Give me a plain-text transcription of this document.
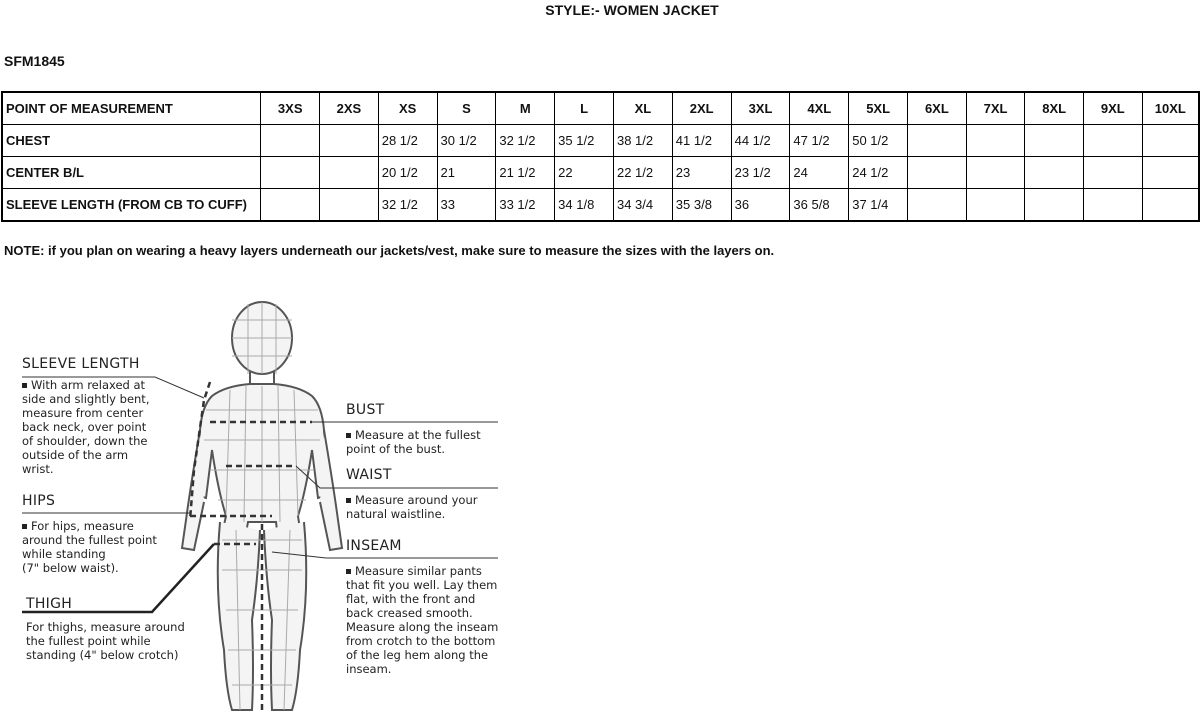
STYLE:- WOMEN JACKET
SFM1845
POINT OF MEASUREMENT	3XS	2XS	XS	S	M	L	XL	2XL	3XL	4XL	5XL	6XL	7XL	8XL	9XL	10XL
CHEST			28 1/2	30 1/2	32 1/2	35 1/2	38 1/2	41 1/2	44 1/2	47 1/2	50 1/2					
CENTER B/L			20 1/2	21	21 1/2	22	22 1/2	23	23 1/2	24	24 1/2					
SLEEVE LENGTH (FROM CB TO CUFF)			32 1/2	33	33 1/2	34 1/8	34 3/4	35 3/8	36	36 5/8	37 1/4					
NOTE: if you plan on wearing a heavy layers underneath our jackets/vest, make sure to measure the sizes with the layers on.
SLEEVE LENGTH
With arm relaxed at
side and slightly bent,
measure from center
back neck, over point
of shoulder, down the
outside of the arm
wrist.
HIPS
For hips, measure
around the fullest point
while standing
(7" below waist).
THIGH
For thighs, measure around
the fullest point while
standing (4" below crotch)
BUST
Measure at the fullest
point of the bust.
WAIST
Measure around your
natural waistline.
INSEAM
Measure similar pants
that fit you well. Lay them
flat, with the front and
back creased smooth.
Measure along the inseam
from crotch to the bottom
of the leg hem along the
inseam.
